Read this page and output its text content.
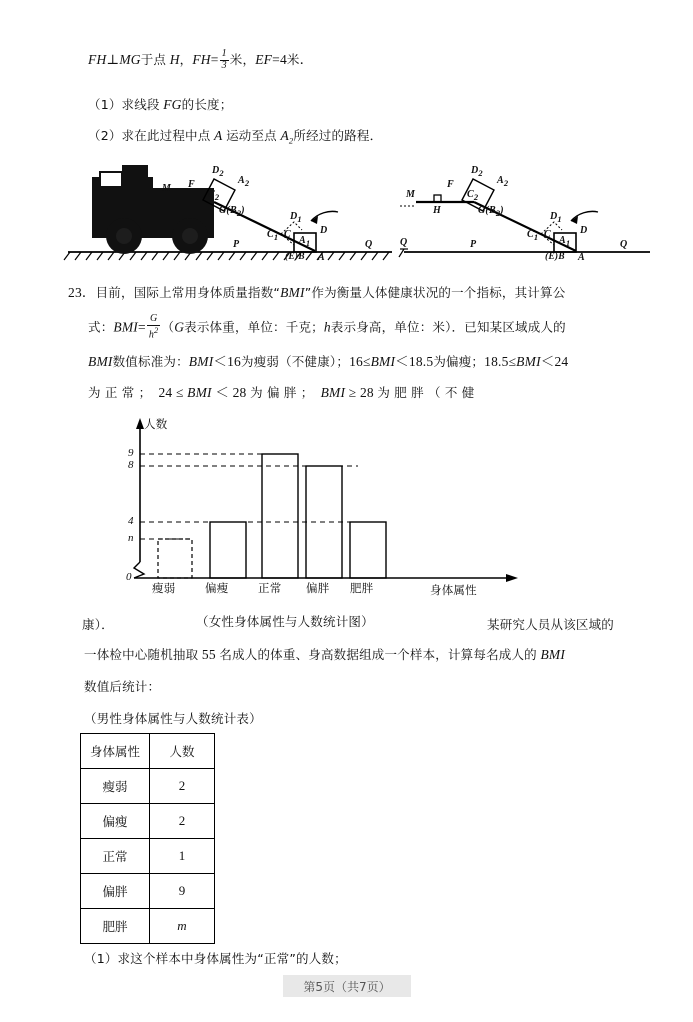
FH⊥MG于点 H，$FH= \frac{1}{3}$ 米，EF=4米．
（1）求线段 FG的长度；
（2）求在此过程中点 A 运动至点 $A_2$所经过的路程．
$D_2$
$A_2$
F
$C_2$
M
$G(B_2)$
$D_1$
$C_1$ C
$A_1$
D
P
(E)B A
Q
$D_2$
$A_2$
F
$C_2$
M
H	$G(B_2)$
$D_1$
$C_1$ C
$A_1$
D
P
(E)B A
Q	Q
23．目前，国际上常用身体质量指数“BMI”作为衡量人体健康状况的一个指标，其计算公
式：$BMI= \frac{G}{h^2} (G$表示体重，单位：千克；h表示身高，单位：米）．已知某区域成人的
BMI数值标准为：BMI＜16为瘦弱（不健康）；16≤BMI＜18.5为偏瘦；18.5≤BMI＜24
为 正 常 ； 24 ≤ BMI ＜ 28 为 偏 胖 ； BMI ≥ 28 为 肥 胖 （ 不 健
人数
身体属性
9
8
4
n
0
瘦弱	偏瘦	正常 偏胖 肥胖
康）．	（女性身体属性与人数统计图）	某研究人员从该区域的
一体检中心随机抽取 55 名成人的体重、身高数据组成一个样本，计算每名成人的 BMI
数值后统计：
（男性身体属性与人数统计表）
身体属性	人数
瘦弱	2
偏瘦	2
正常	1
偏胖	9
肥胖	m
（1）求这个样本中身体属性为“正常”的人数；
第5页（共7页）
